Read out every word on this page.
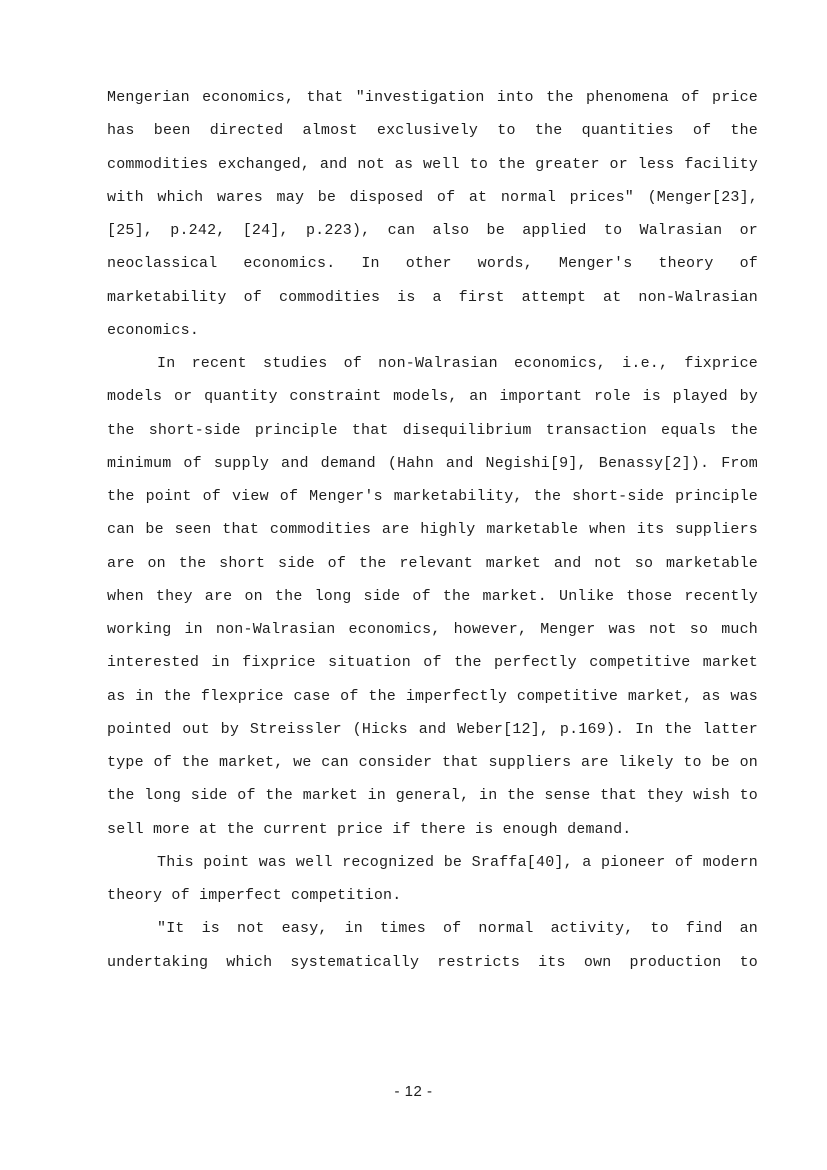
Mengerian economics, that "investigation into the phenomena of price has been directed almost exclusively to the quantities of the commodities exchanged, and not as well to the greater or less facility with which wares may be disposed of at normal prices" (Menger[23], [25], p.242, [24], p.223), can also be applied to Walrasian or neoclassical economics. In other words, Menger's theory of marketability of commodities is a first attempt at non-Walrasian economics.

In recent studies of non-Walrasian economics, i.e., fixprice models or quantity constraint models, an important role is played by the short-side principle that disequilibrium transaction equals the minimum of supply and demand (Hahn and Negishi[9], Benassy[2]). From the point of view of Menger's marketability, the short-side principle can be seen that commodities are highly marketable when its suppliers are on the short side of the relevant market and not so marketable when they are on the long side of the market. Unlike those recently working in non-Walrasian economics, however, Menger was not so much interested in fixprice situation of the perfectly competitive market as in the flexprice case of the imperfectly competitive market, as was pointed out by Streissler (Hicks and Weber[12], p.169). In the latter type of the market, we can consider that suppliers are likely to be on the long side of the market in general, in the sense that they wish to sell more at the current price if there is enough demand.

This point was well recognized be Sraffa[40], a pioneer of modern theory of imperfect competition.

"It is not easy, in times of normal activity, to find an undertaking which systematically restricts its own production to

- 12 -
